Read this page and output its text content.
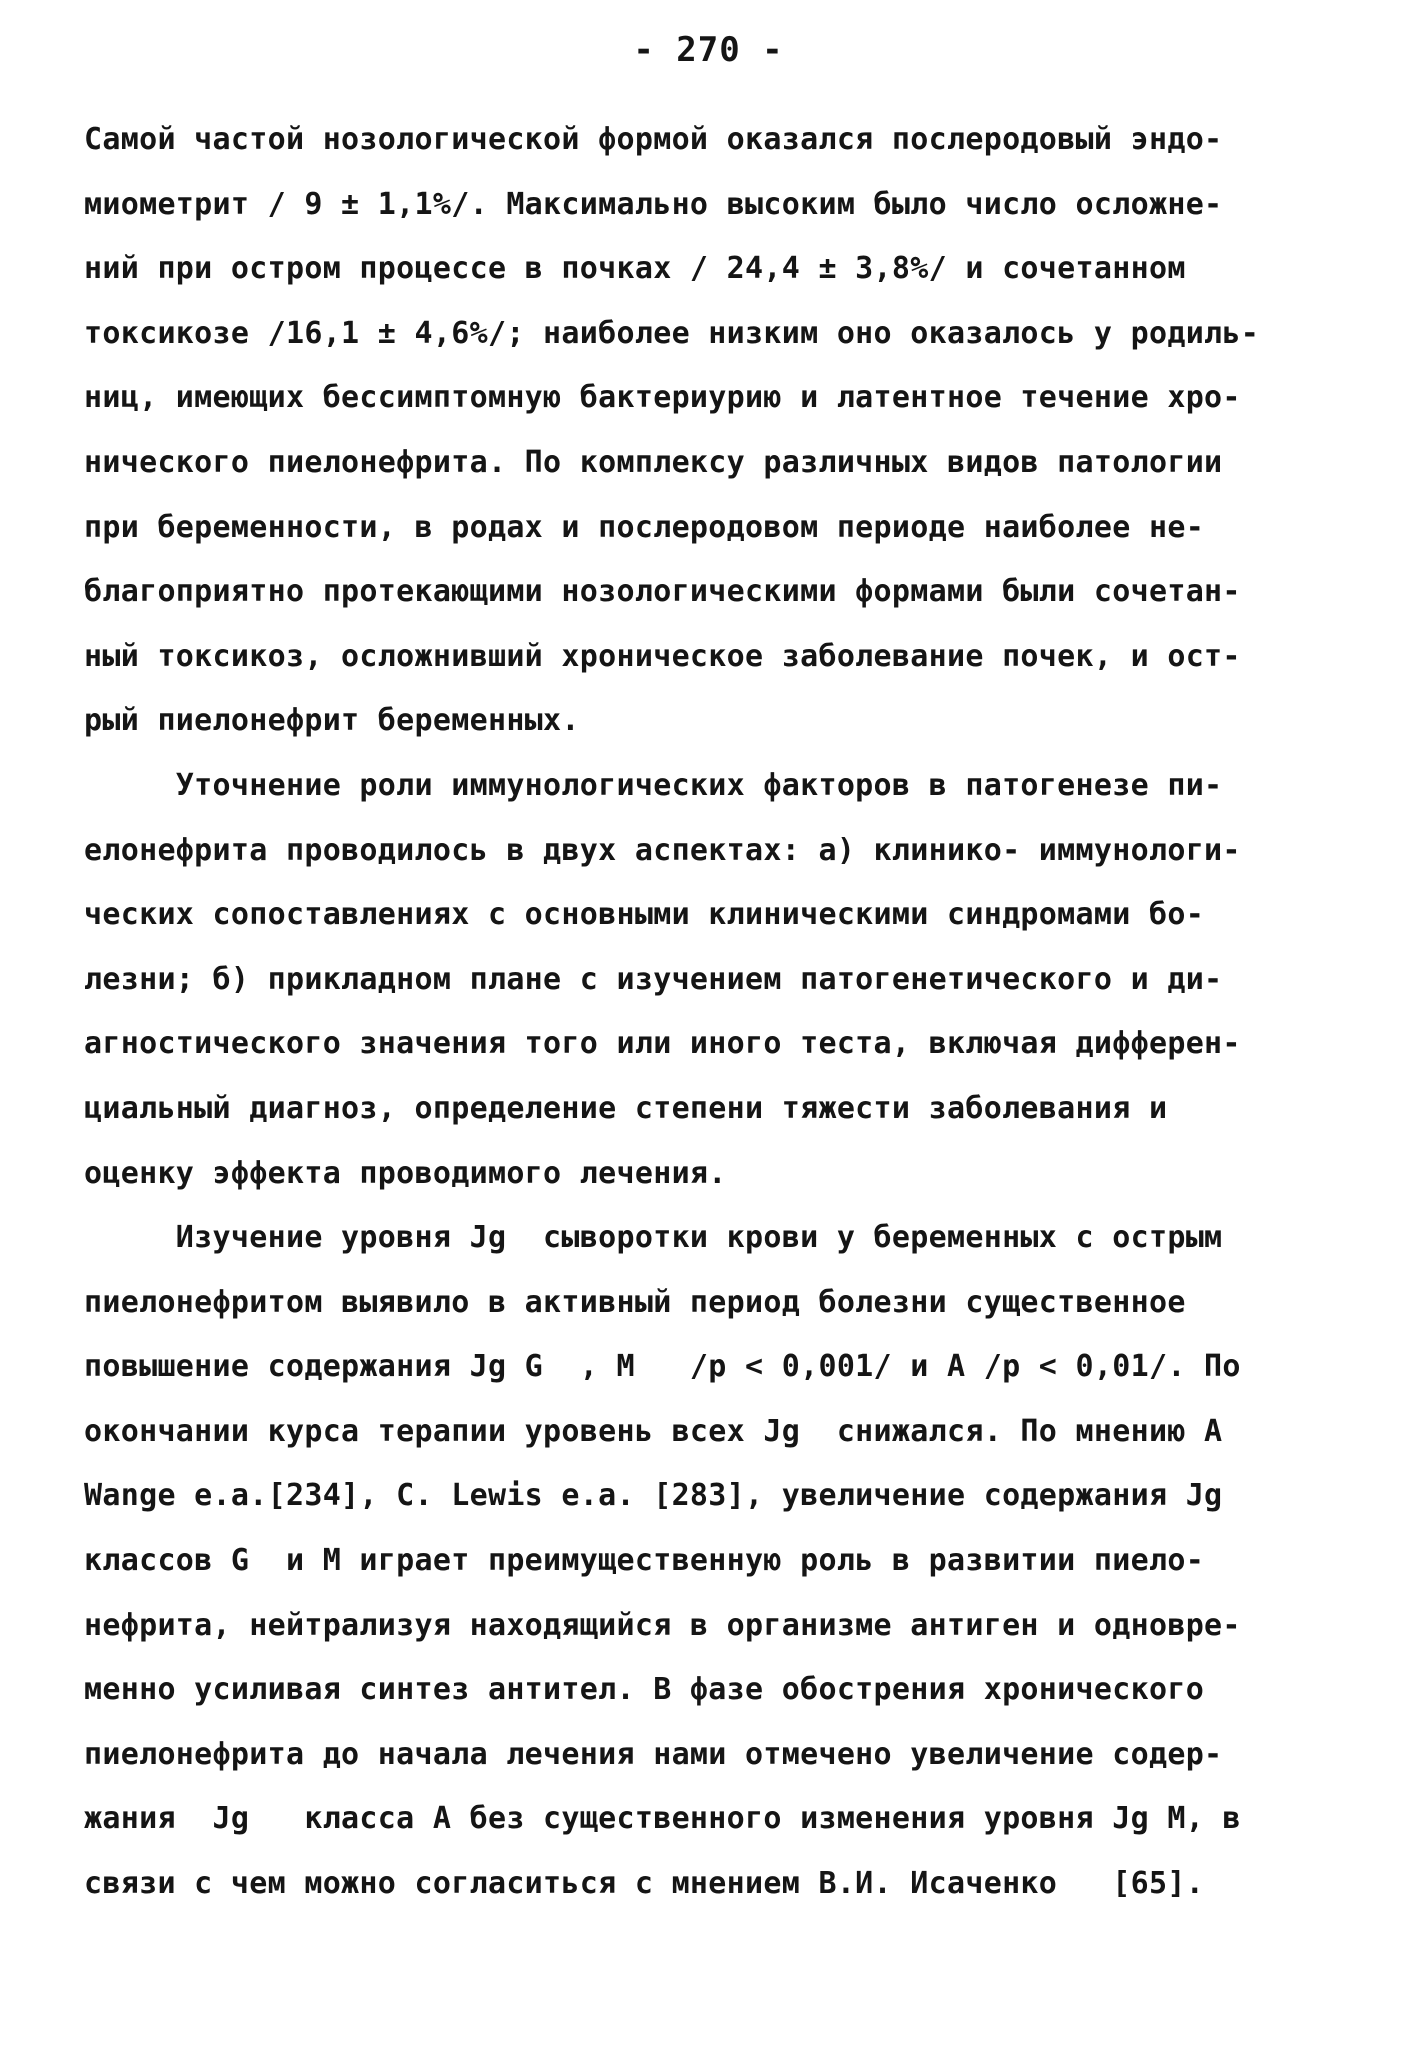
- 270 -
Самой частой нозологической формой оказался послеродовый эндо-
миометрит / 9 ± 1,1%/. Максимально высоким было число осложне-
ний при остром процессе в почках / 24,4 ± 3,8%/ и сочетанном
токсикозе /16,1 ± 4,6%/; наиболее низким оно оказалось у родиль-
ниц, имеющих бессимптомную бактериурию и латентное течение хро-
нического пиелонефрита. По комплексу различных видов патологии
при беременности, в родах и послеродовом периоде наиболее не-
благоприятно протекающими нозологическими формами были сочетан-
ный токсикоз, осложнивший хроническое заболевание почек, и ост-
рый пиелонефрит беременных.
Уточнение роли иммунологических факторов в патогенезе пи-
елонефрита проводилось в двух аспектах: а) клинико- иммунологи-
ческих сопоставлениях с основными клиническими синдромами бо-
лезни; б) прикладном плане с изучением патогенетического и ди-
агностического значения того или иного теста, включая дифферен-
циальный диагноз, определение степени тяжести заболевания и
оценку эффекта проводимого лечения.
Изучение уровня Jg  сыворотки крови у беременных с острым
пиелонефритом выявило в активный период болезни существенное
повышение содержания Jg G  , М   /р < 0,001/ и А /р < 0,01/. По
окончании курса терапии уровень всех Jg  снижался. По мнению A
Wange e.a.[234], C. Lewis e.a. [283], увеличение содержания Jg
классов G  и М играет преимущественную роль в развитии пиело-
нефрита, нейтрализуя находящийся в организме антиген и одновре-
менно усиливая синтез антител. В фазе обострения хронического
пиелонефрита до начала лечения нами отмечено увеличение содер-
жания  Jg   класса А без существенного изменения уровня Jg М, в
связи с чем можно согласиться с мнением В.И. Исаченко   [65].
